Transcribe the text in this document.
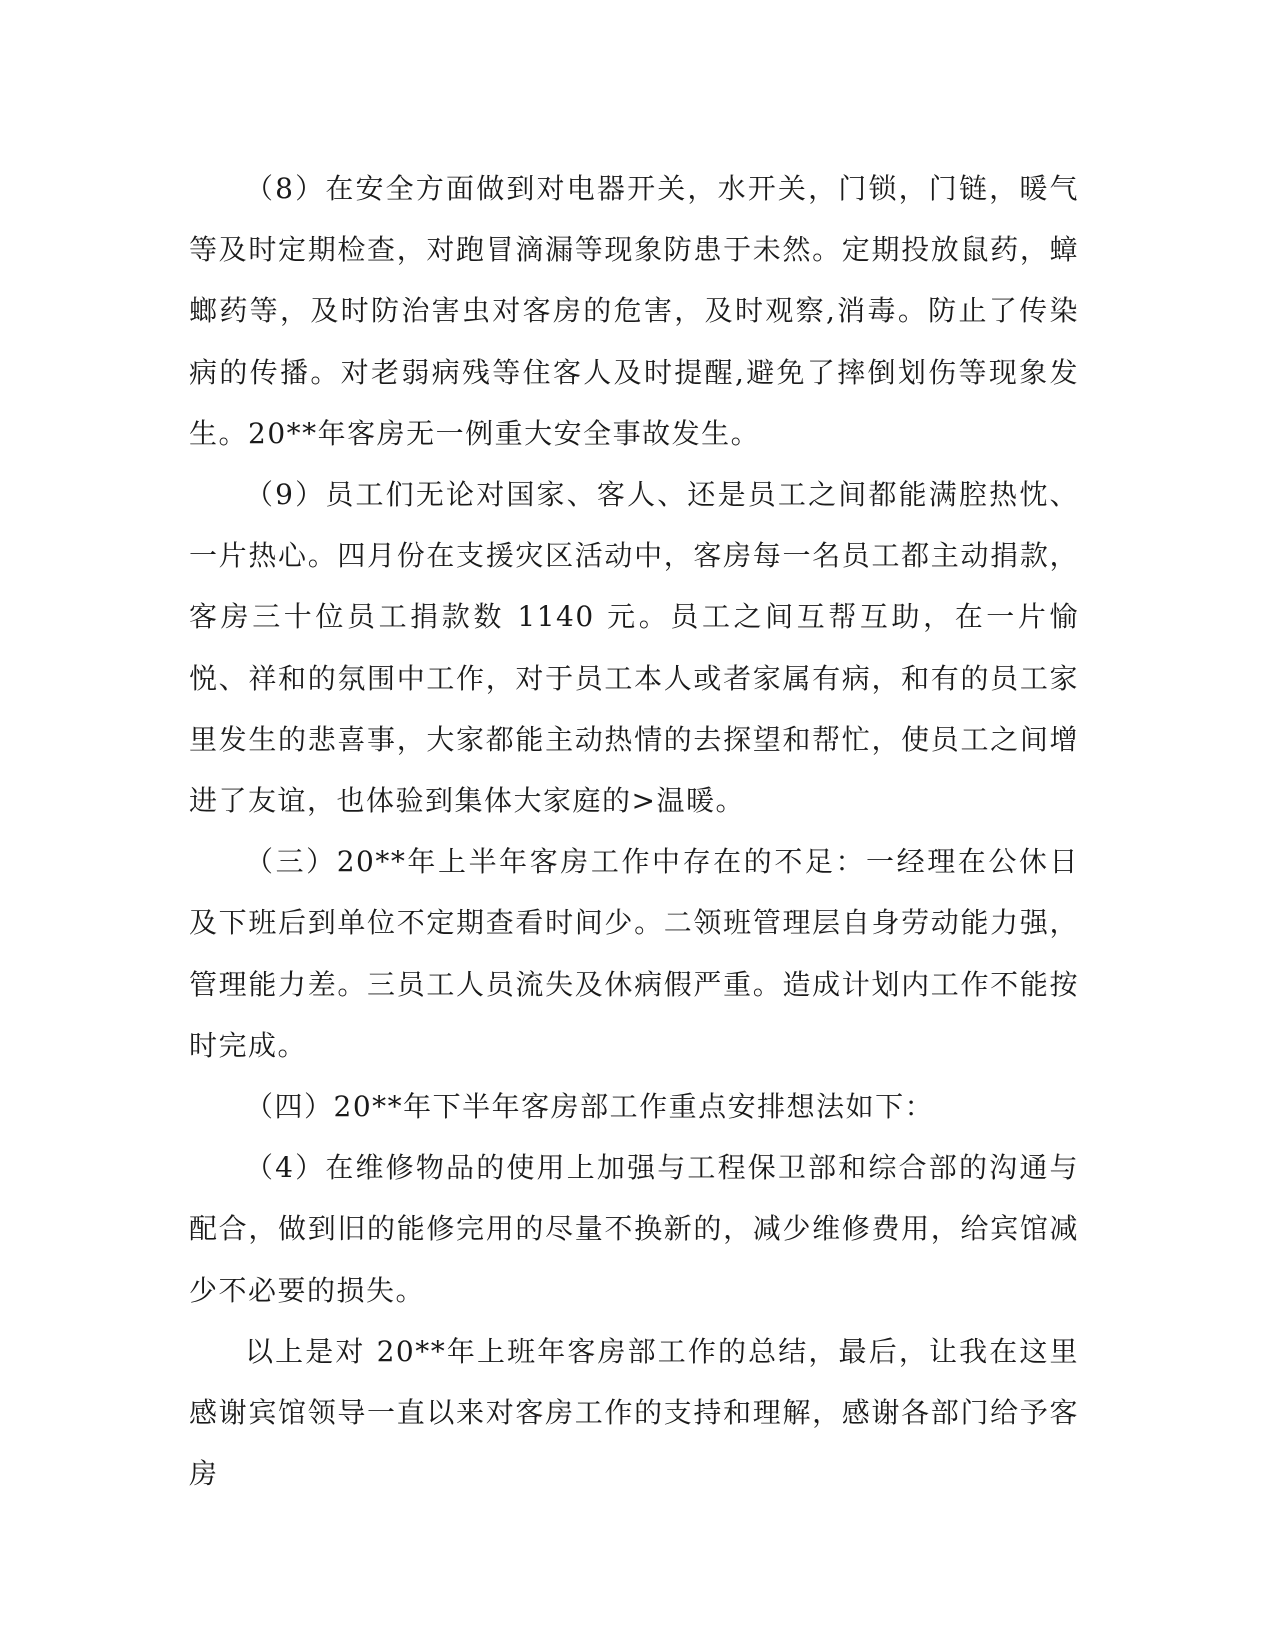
（8）在安全方面做到对电器开关，水开关，门锁，门链，暖气等及时定期检查，对跑冒滴漏等现象防患于未然。定期投放鼠药，蟑螂药等，及时防治害虫对客房的危害，及时观察,消毒。防止了传染病的传播。对老弱病残等住客人及时提醒,避免了摔倒划伤等现象发生。20**年客房无一例重大安全事故发生。

（9）员工们无论对国家、客人、还是员工之间都能满腔热忱、一片热心。四月份在支援灾区活动中，客房每一名员工都主动捐款，客房三十位员工捐款数 1140 元。员工之间互帮互助，在一片愉悦、祥和的氛围中工作，对于员工本人或者家属有病，和有的员工家里发生的悲喜事，大家都能主动热情的去探望和帮忙，使员工之间增进了友谊，也体验到集体大家庭的>温暖。

（三）20**年上半年客房工作中存在的不足：一经理在公休日及下班后到单位不定期查看时间少。二领班管理层自身劳动能力强，管理能力差。三员工人员流失及休病假严重。造成计划内工作不能按时完成。

（四）20**年下半年客房部工作重点安排想法如下：

（4）在维修物品的使用上加强与工程保卫部和综合部的沟通与配合，做到旧的能修完用的尽量不换新的，减少维修费用，给宾馆减少不必要的损失。

以上是对 20**年上班年客房部工作的总结，最后，让我在这里感谢宾馆领导一直以来对客房工作的支持和理解，感谢各部门给予客房
